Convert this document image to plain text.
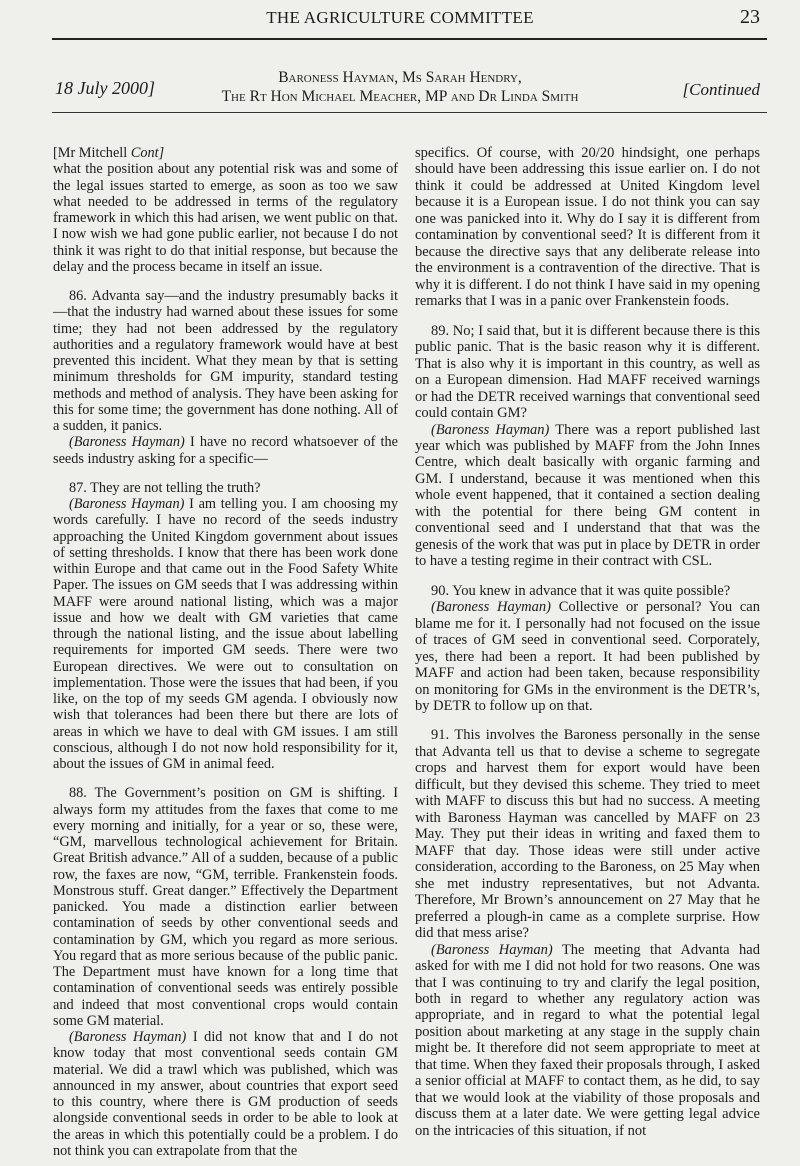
THE AGRICULTURE COMMITTEE	23
18 July 2000]
Baroness Hayman, Ms Sarah Hendry,
The Rt Hon Michael Meacher, MP and Dr Linda Smith	[Continued

[Mr Mitchell Cont]

what the position about any potential risk was and some of the legal issues started to emerge, as soon as too we saw what needed to be addressed in terms of the regulatory framework in which this had arisen, we went public on that. I now wish we had gone public earlier, not because I do not think it was right to do that initial response, but because the delay and the process became in itself an issue.

86. Advanta say—and the industry presumably backs it—that the industry had warned about these issues for some time; they had not been addressed by the regulatory authorities and a regulatory framework would have at best prevented this incident. What they mean by that is setting minimum thresholds for GM impurity, standard testing methods and method of analysis. They have been asking for this for some time; the government has done nothing. All of a sudden, it panics.

(Baroness Hayman) I have no record whatsoever of the seeds industry asking for a specific—

87. They are not telling the truth?

(Baroness Hayman) I am telling you. I am choosing my words carefully. I have no record of the seeds industry approaching the United Kingdom government about issues of setting thresholds. I know that there has been work done within Europe and that came out in the Food Safety White Paper. The issues on GM seeds that I was addressing within MAFF were around national listing, which was a major issue and how we dealt with GM varieties that came through the national listing, and the issue about labelling requirements for imported GM seeds. There were two European directives. We were out to consultation on implementation. Those were the issues that had been, if you like, on the top of my seeds GM agenda. I obviously now wish that tolerances had been there but there are lots of areas in which we have to deal with GM issues. I am still conscious, although I do not now hold responsibility for it, about the issues of GM in animal feed.

88. The Government’s position on GM is shifting. I always form my attitudes from the faxes that come to me every morning and initially, for a year or so, these were, “GM, marvellous technological achievement for Britain. Great British advance.” All of a sudden, because of a public row, the faxes are now, “GM, terrible. Frankenstein foods. Monstrous stuff. Great danger.” Effectively the Department panicked. You made a distinction earlier between contamination of seeds by other conventional seeds and contamination by GM, which you regard as more serious. You regard that as more serious because of the public panic. The Department must have known for a long time that contamination of conventional seeds was entirely possible and indeed that most conventional crops would contain some GM material.

(Baroness Hayman) I did not know that and I do not know today that most conventional seeds contain GM material. We did a trawl which was published, which was announced in my answer, about countries that export seed to this country, where there is GM production of seeds alongside conventional seeds in order to be able to look at the areas in which this potentially could be a problem. I do not think you can extrapolate from that the

specifics. Of course, with 20/20 hindsight, one perhaps should have been addressing this issue earlier on. I do not think it could be addressed at United Kingdom level because it is a European issue. I do not think you can say one was panicked into it. Why do I say it is different from contamination by conventional seed? It is different from it because the directive says that any deliberate release into the environment is a contravention of the directive. That is why it is different. I do not think I have said in my opening remarks that I was in a panic over Frankenstein foods.

89. No; I said that, but it is different because there is this public panic. That is the basic reason why it is different. That is also why it is important in this country, as well as on a European dimension. Had MAFF received warnings or had the DETR received warnings that conventional seed could contain GM?

(Baroness Hayman) There was a report published last year which was published by MAFF from the John Innes Centre, which dealt basically with organic farming and GM. I understand, because it was mentioned when this whole event happened, that it contained a section dealing with the potential for there being GM content in conventional seed and I understand that that was the genesis of the work that was put in place by DETR in order to have a testing regime in their contract with CSL.

90. You knew in advance that it was quite possible?

(Baroness Hayman) Collective or personal? You can blame me for it. I personally had not focused on the issue of traces of GM seed in conventional seed. Corporately, yes, there had been a report. It had been published by MAFF and action had been taken, because responsibility on monitoring for GMs in the environment is the DETR’s, by DETR to follow up on that.

91. This involves the Baroness personally in the sense that Advanta tell us that to devise a scheme to segregate crops and harvest them for export would have been difficult, but they devised this scheme. They tried to meet with MAFF to discuss this but had no success. A meeting with Baroness Hayman was cancelled by MAFF on 23 May. They put their ideas in writing and faxed them to MAFF that day. Those ideas were still under active consideration, according to the Baroness, on 25 May when she met industry representatives, but not Advanta. Therefore, Mr Brown’s announcement on 27 May that he preferred a plough-in came as a complete surprise. How did that mess arise?

(Baroness Hayman) The meeting that Advanta had asked for with me I did not hold for two reasons. One was that I was continuing to try and clarify the legal position, both in regard to whether any regulatory action was appropriate, and in regard to what the potential legal position about marketing at any stage in the supply chain might be. It therefore did not seem appropriate to meet at that time. When they faxed their proposals through, I asked a senior official at MAFF to contact them, as he did, to say that we would look at the viability of those proposals and discuss them at a later date. We were getting legal advice on the intricacies of this situation, if not
